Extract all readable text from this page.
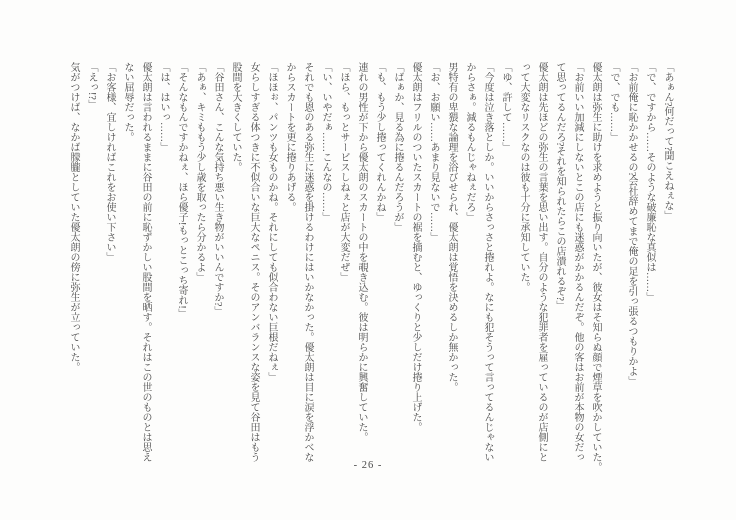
「あぁん?何だって?聞こえねぇな」

「で、ですから……そのような破廉恥な真似は……」

「お前俺に恥かかせるの?会社辞めてまで俺の足を引っ張るつもりかよ」

「で、でも……」

優太朗は弥生に助けを求めようと振り向いたが、彼女はそ知らぬ顔で煙草を吹かしていた。

「お前いい加減にしないとこの店にも迷惑がかかるんだぞ。他の客はお前が本物の女だっ

て思ってるんだろ?それを知られたらこの店潰れるぞ?」

優太朗は先ほどの弥生の言葉を思い出す。自分のような犯罪者を雇っているのが店側にと

って大変なリスクなのは彼も十分に承知していた。

「ゆ、許して……」

「今度は泣き落としか。いいからさっさと捲れよ。なにも犯そうって言ってるんじゃない

からさぁ。減るもんじゃねぇだろ」

男特有の卑猥な論理を浴びせられ、優太朗は覚悟を決めるしか無かった。

「お、お願い……あまり見ないで……」

優太朗はフリルのついたスカートの裾を摘むと、ゆっくりと少しだけ捲り上げた。

「ばぁか、見る為に捲るんだろうが」

「も、もう少し捲ってくれんかね」

連れの男性が下から優太朗のスカートの中を覗き込む。彼は明らかに興奮していた。

「ほら、もっとサービスしねぇと店が大変だぜ」

「い、いやだぁ……こんなの……」

それでも恩のある弥生に迷惑を掛けるわけにはいかなかった。優太朗は目に涙を浮かべな

からスカートを更に捲りあげる。

「ほほぉ、パンツも女ものかね。それにしても似合わない巨根だねぇ」

女らしすぎる体つきに不似合いな巨大なペニス。そのアンバランスな姿を見て谷田はもう

股間を大きくしていた。

「谷田さん、こんな気持ち悪い生き物がいいんですか?」

「あぁ、キミももう少し歳を取ったら分かるよ」

「そんなもんですかねぇ、ほら優子!もっとこっち寄れ!」

「は、はいっ……」

優太朗は言われるままに谷田の前に恥ずかしい股間を晒す。それはこの世のものとは思え

ない屈辱だった。

「お客様、宜しければこれをお使い下さい」

「えっ!?」

気がつけば、なかば朦朧としていた優太朗の傍に弥生が立っていた。

- 26 -
